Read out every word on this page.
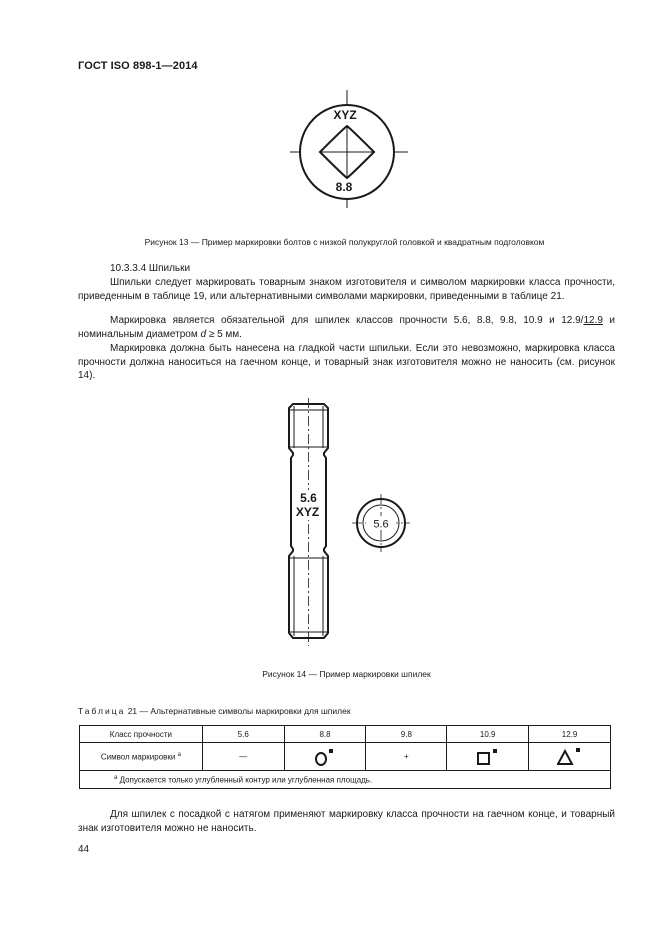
ГОСТ ISO 898-1—2014
XYZ
8.8
Рисунок 13 — Пример маркировки болтов с низкой полукруглой головкой и квадратным подголовком
10.3.3.4 Шпильки
Шпильки следует маркировать товарным знаком изготовителя и символом маркировки класса прочности, приведенным в таблице 19, или альтернативными символами маркировки, приведенными в таблице 21.
Маркировка является обязательной для шпилек классов прочности 5.6, 8.8, 9.8, 10.9 и 12.9/12.9 и номинальным диаметром d ≥ 5 мм.
Маркировка должна быть нанесена на гладкой части шпильки. Если это невозможно, маркировка класса прочности должна наноситься на гаечном конце, и товарный знак изготовителя можно не наносить (см. рисунок 14).
5.6
XYZ
5.6
Рисунок 14 — Пример маркировки шпилек
Таблица 21 — Альтернативные символы маркировки для шпилек
Класс прочности	5.6	8.8	9.8	10.9	12.9
Символ маркировки $^a$	—		+		
$^a$ Допускается только углубленный контур или углубленная площадь.					
Для шпилек с посадкой с натягом применяют маркировку класса прочности на гаечном конце, и товарный знак изготовителя можно не наносить.
44
